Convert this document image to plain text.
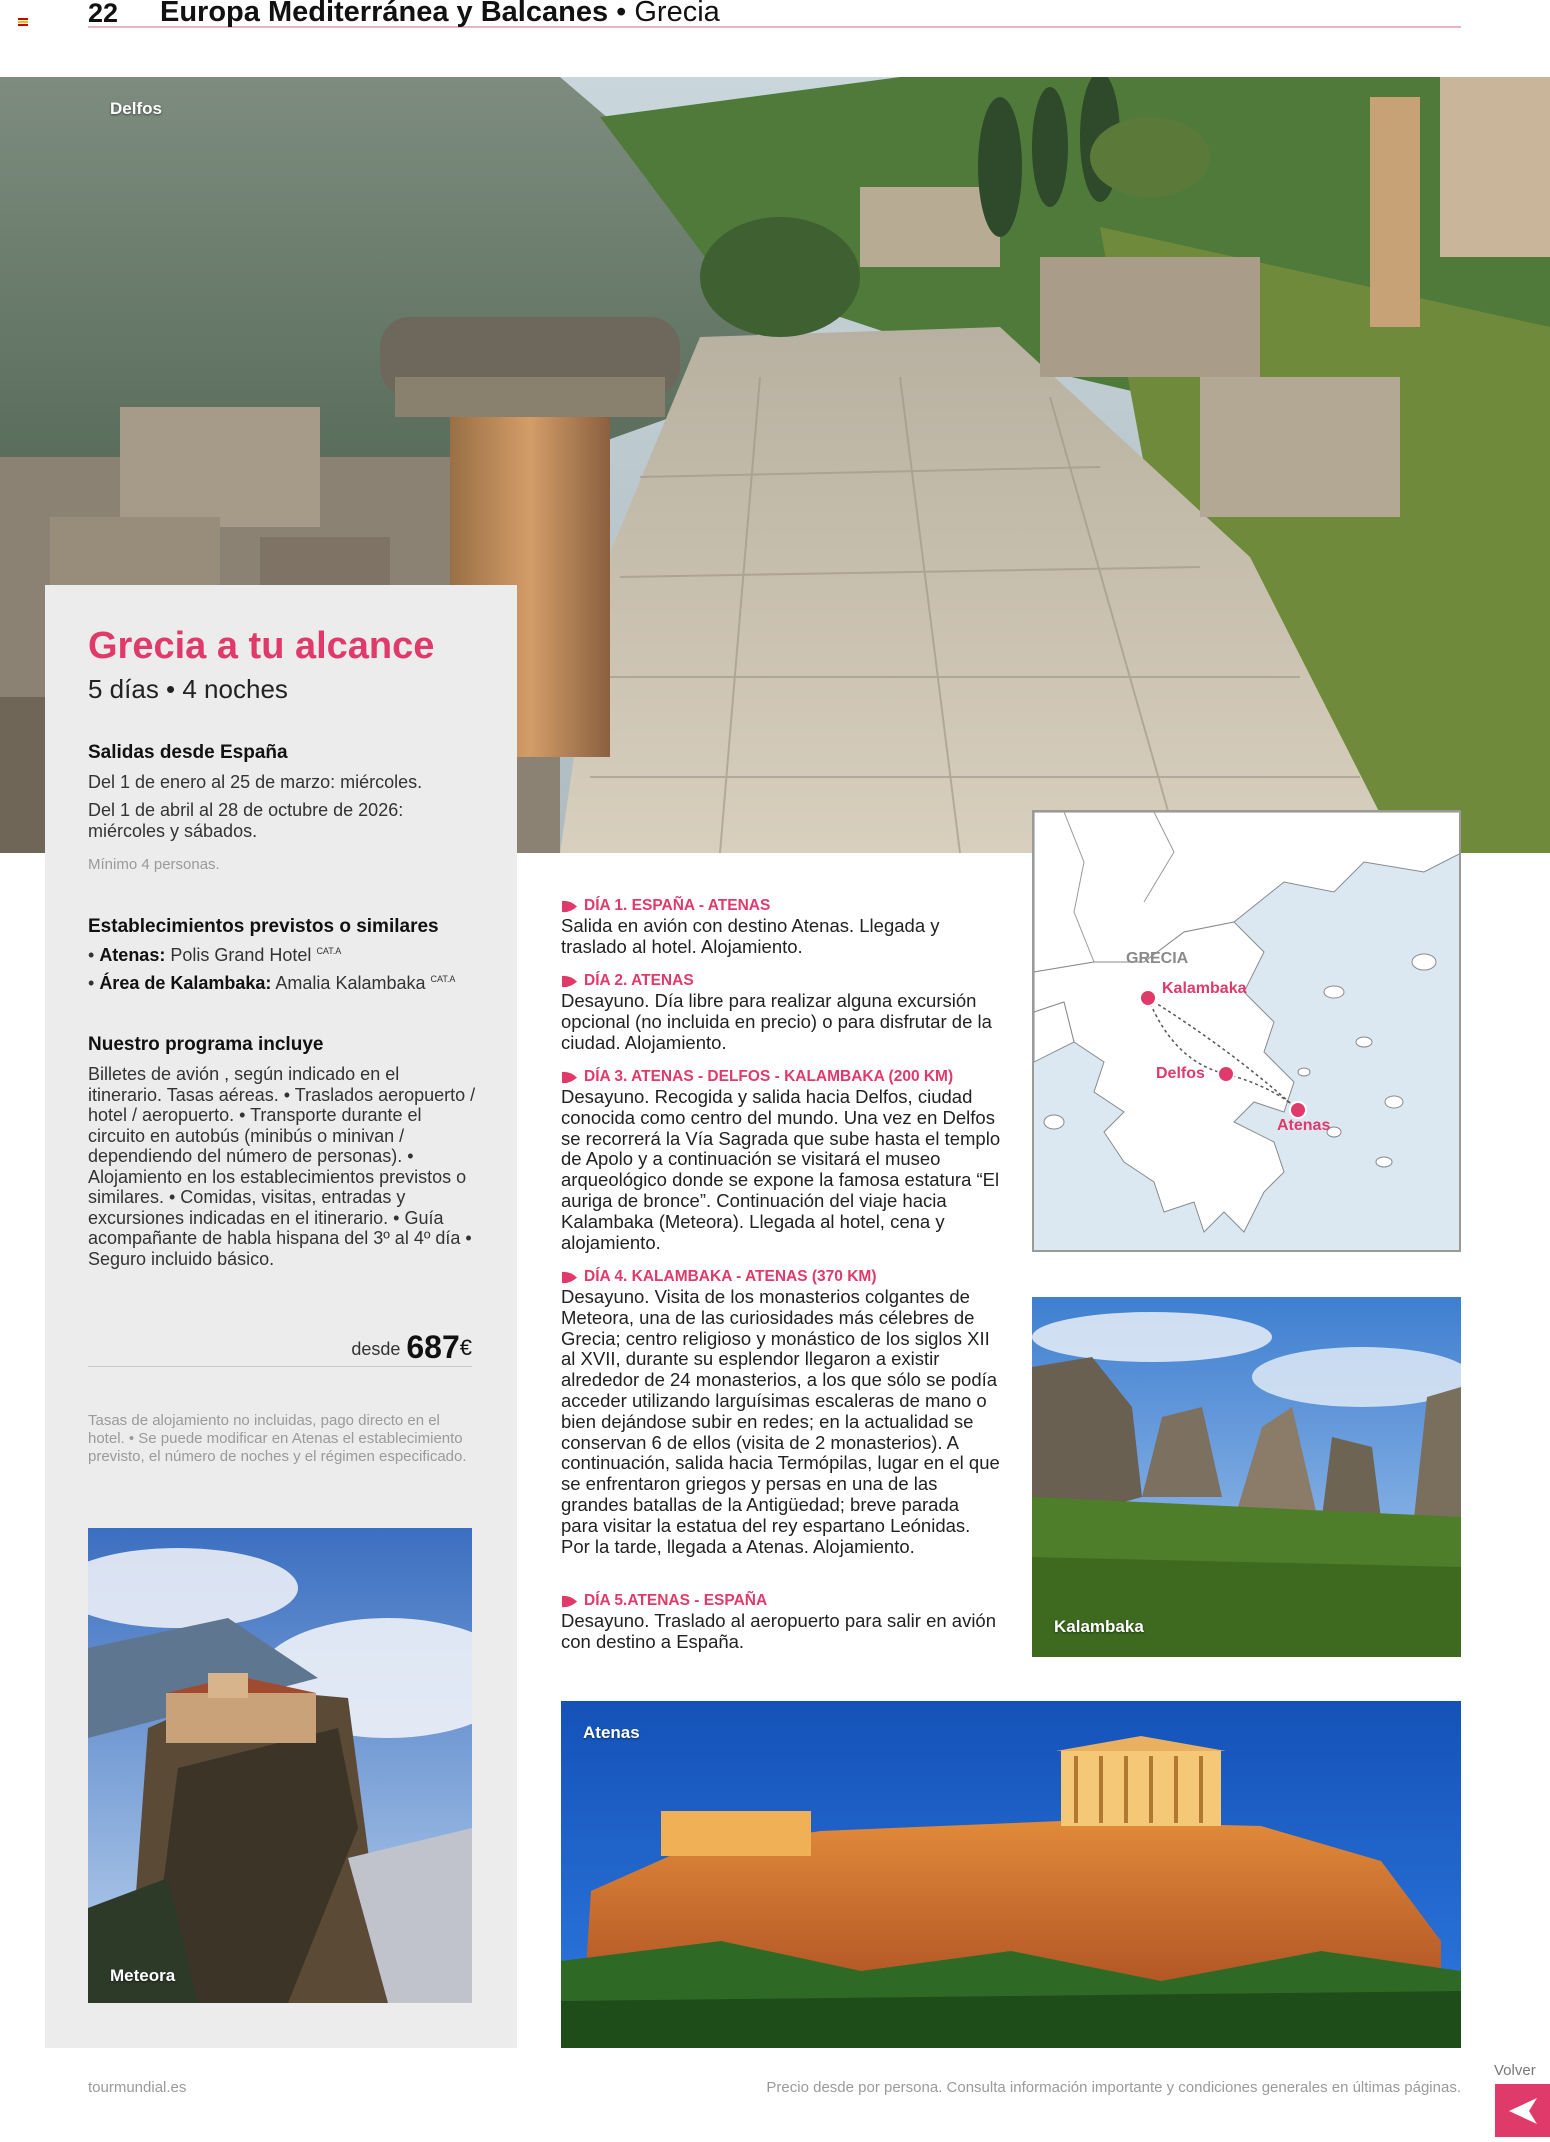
22 Europa Mediterránea y Balcanes • Grecia
Delfos
Grecia a tu alcance
5 días • 4 noches
Salidas desde España
Del 1 de enero al 25 de marzo: miércoles.
Del 1 de abril al 28 de octubre de 2026: miércoles y sábados.
Mínimo 4 personas.
Establecimientos previstos o similares
• Atenas: Polis Grand Hotel $^{CAT.A}$
• Área de Kalambaka: Amalia Kalambaka $^{CAT.A}$
Nuestro programa incluye
Billetes de avión , según indicado en el itinerario. Tasas aéreas. • Traslados aeropuerto / hotel / aeropuerto. • Transporte durante el circuito en autobús (minibús o minivan / dependiendo del número de personas). • Alojamiento en los establecimientos previstos o similares. • Comidas, visitas, entradas y excursiones indicadas en el itinerario. • Guía acompañante de habla hispana del 3º al 4º día • Seguro incluido básico.
desde 687€
Tasas de alojamiento no incluidas, pago directo en el hotel. • Se puede modificar en Atenas el establecimiento previsto, el número de noches y el régimen especificado.
Meteora
DÍA 1. ESPAÑA - ATENAS
Salida en avión con destino Atenas. Llegada y traslado al hotel. Alojamiento.
DÍA 2. ATENAS
Desayuno. Día libre para realizar alguna excursión opcional (no incluida en precio) o para disfrutar de la ciudad. Alojamiento.
DÍA 3. ATENAS - DELFOS - KALAMBAKA (200 KM)
Desayuno. Recogida y salida hacia Delfos, ciudad conocida como centro del mundo. Una vez en Delfos se recorrerá la Vía Sagrada que sube hasta el templo de Apolo y a continuación se visitará el museo arqueológico donde se expone la famosa estatura “El auriga de bronce”. Continuación del viaje hacia Kalambaka (Meteora). Llegada al hotel, cena y alojamiento.
DÍA 4. KALAMBAKA - ATENAS (370 KM)
Desayuno. Visita de los monasterios colgantes de Meteora, una de las curiosidades más célebres de Grecia; centro religioso y monástico de los siglos XII al XVII, durante su esplendor llegaron a existir alrededor de 24 monasterios, a los que sólo se podía acceder utilizando larguísimas escaleras de mano o bien dejándose subir en redes; en la actualidad se conservan 6 de ellos (visita de 2 monasterios). A continuación, salida hacia Termópilas, lugar en el que se enfrentaron griegos y persas en una de las grandes batallas de la Antigüedad; breve parada para visitar la estatua del rey espartano Leónidas. Por la tarde, llegada a Atenas. Alojamiento.
DÍA 5.ATENAS - ESPAÑA
Desayuno. Traslado al aeropuerto para salir en avión con destino a España.
GRECIA
Kalambaka
Delfos
Atenas
Kalambaka
Atenas
tourmundial.es	Precio desde por persona. Consulta información importante y condiciones generales en últimas páginas.
Volver
